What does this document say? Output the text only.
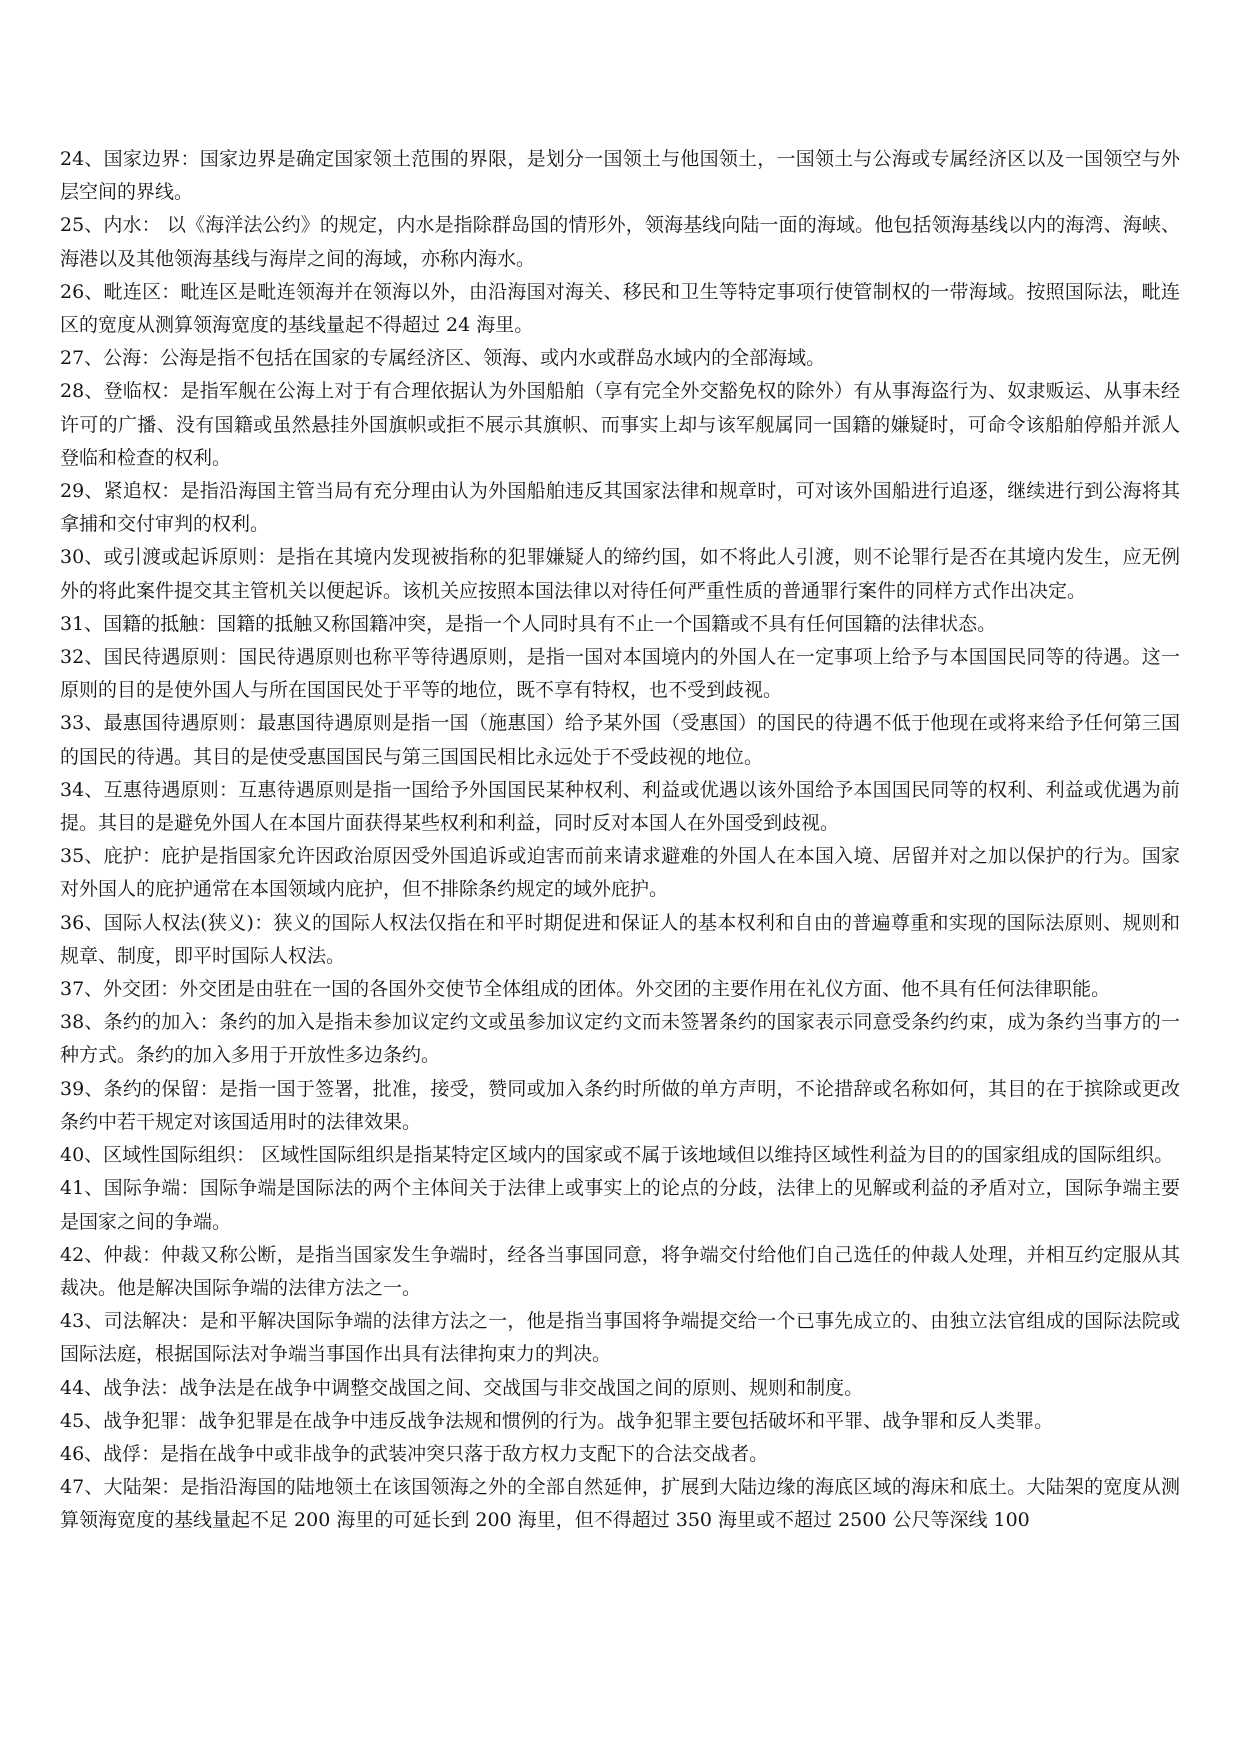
24、国家边界：国家边界是确定国家领土范围的界限，是划分一国领土与他国领土，一国领土与公海或专属经济区以及一国领空与外层空间的界线。

25、内水： 以《海洋法公约》的规定，内水是指除群岛国的情形外，领海基线向陆一面的海域。他包括领海基线以内的海湾、海峡、海港以及其他领海基线与海岸之间的海域，亦称内海水。

26、毗连区：毗连区是毗连领海并在领海以外，由沿海国对海关、移民和卫生等特定事项行使管制权的一带海域。按照国际法，毗连区的宽度从测算领海宽度的基线量起不得超过 24 海里。

27、公海：公海是指不包括在国家的专属经济区、领海、或内水或群岛水域内的全部海域。

28、登临权：是指军舰在公海上对于有合理依据认为外国船舶（享有完全外交豁免权的除外）有从事海盗行为、奴隶贩运、从事未经许可的广播、没有国籍或虽然悬挂外国旗帜或拒不展示其旗帜、而事实上却与该军舰属同一国籍的嫌疑时，可命令该船舶停船并派人登临和检查的权利。

29、紧追权：是指沿海国主管当局有充分理由认为外国船舶违反其国家法律和规章时，可对该外国船进行追逐，继续进行到公海将其拿捕和交付审判的权利。

30、或引渡或起诉原则：是指在其境内发现被指称的犯罪嫌疑人的缔约国，如不将此人引渡，则不论罪行是否在其境内发生，应无例外的将此案件提交其主管机关以便起诉。该机关应按照本国法律以对待任何严重性质的普通罪行案件的同样方式作出决定。

31、国籍的抵触：国籍的抵触又称国籍冲突，是指一个人同时具有不止一个国籍或不具有任何国籍的法律状态。

32、国民待遇原则：国民待遇原则也称平等待遇原则，是指一国对本国境内的外国人在一定事项上给予与本国国民同等的待遇。这一原则的目的是使外国人与所在国国民处于平等的地位，既不享有特权，也不受到歧视。

33、最惠国待遇原则：最惠国待遇原则是指一国（施惠国）给予某外国（受惠国）的国民的待遇不低于他现在或将来给予任何第三国的国民的待遇。其目的是使受惠国国民与第三国国民相比永远处于不受歧视的地位。

34、互惠待遇原则：互惠待遇原则是指一国给予外国国民某种权利、利益或优遇以该外国给予本国国民同等的权利、利益或优遇为前提。其目的是避免外国人在本国片面获得某些权利和利益，同时反对本国人在外国受到歧视。

35、庇护：庇护是指国家允许因政治原因受外国追诉或迫害而前来请求避难的外国人在本国入境、居留并对之加以保护的行为。国家对外国人的庇护通常在本国领域内庇护，但不排除条约规定的域外庇护。

36、国际人权法(狭义)：狭义的国际人权法仅指在和平时期促进和保证人的基本权利和自由的普遍尊重和实现的国际法原则、规则和规章、制度，即平时国际人权法。

37、外交团：外交团是由驻在一国的各国外交使节全体组成的团体。外交团的主要作用在礼仪方面、他不具有任何法律职能。

38、条约的加入：条约的加入是指未参加议定约文或虽参加议定约文而未签署条约的国家表示同意受条约约束，成为条约当事方的一种方式。条约的加入多用于开放性多边条约。

39、条约的保留：是指一国于签署，批准，接受，赞同或加入条约时所做的单方声明，不论措辞或名称如何，其目的在于摈除或更改条约中若干规定对该国适用时的法律效果。

40、区域性国际组织： 区域性国际组织是指某特定区域内的国家或不属于该地域但以维持区域性利益为目的的国家组成的国际组织。

41、国际争端：国际争端是国际法的两个主体间关于法律上或事实上的论点的分歧，法律上的见解或利益的矛盾对立，国际争端主要是国家之间的争端。

42、仲裁：仲裁又称公断，是指当国家发生争端时，经各当事国同意，将争端交付给他们自己选任的仲裁人处理，并相互约定服从其裁决。他是解决国际争端的法律方法之一。

43、司法解决：是和平解决国际争端的法律方法之一，他是指当事国将争端提交给一个已事先成立的、由独立法官组成的国际法院或国际法庭，根据国际法对争端当事国作出具有法律拘束力的判决。

44、战争法：战争法是在战争中调整交战国之间、交战国与非交战国之间的原则、规则和制度。

45、战争犯罪：战争犯罪是在战争中违反战争法规和惯例的行为。战争犯罪主要包括破坏和平罪、战争罪和反人类罪。

46、战俘：是指在战争中或非战争的武装冲突只落于敌方权力支配下的合法交战者。

47、大陆架：是指沿海国的陆地领土在该国领海之外的全部自然延伸，扩展到大陆边缘的海底区域的海床和底土。大陆架的宽度从测算领海宽度的基线量起不足 200 海里的可延长到 200 海里，但不得超过 350 海里或不超过 2500 公尺等深线 100
